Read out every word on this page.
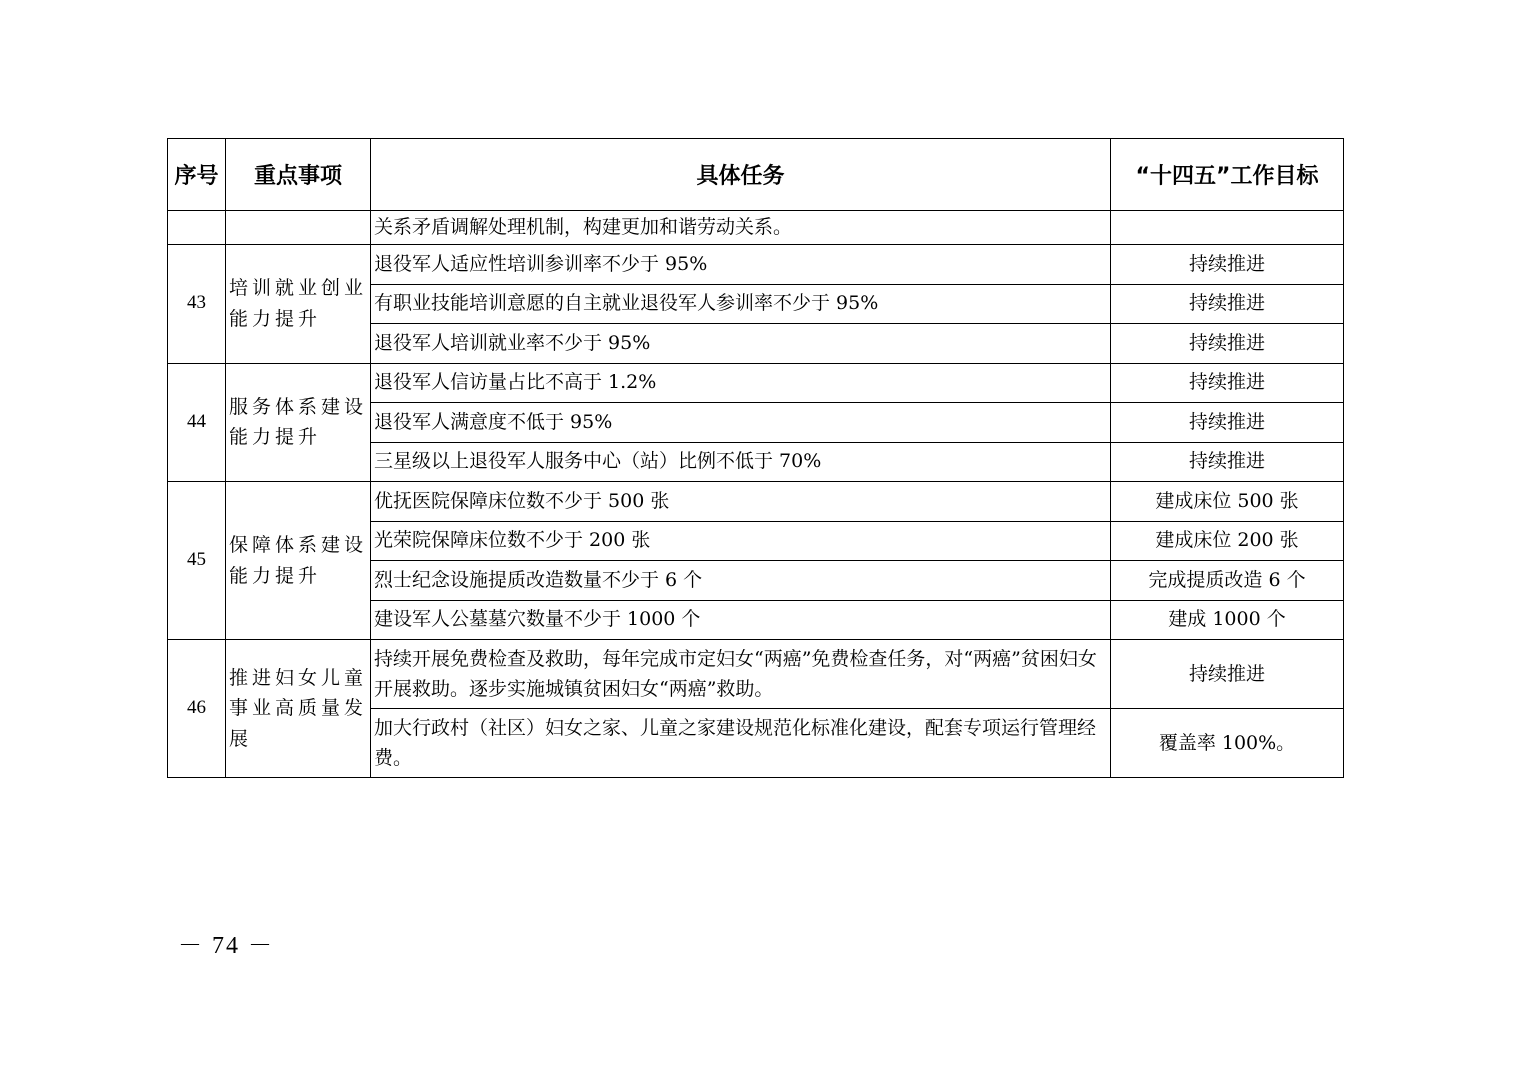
序号	重点事项	具体任务	“十四五”工作目标
		关系矛盾调解处理机制，构建更加和谐劳动关系。	
43	培训就业创业能力提升	退役军人适应性培训参训率不少于 95%	持续推进
		有职业技能培训意愿的自主就业退役军人参训率不少于 95%	持续推进
		退役军人培训就业率不少于 95%	持续推进
44	服务体系建设能力提升	退役军人信访量占比不高于 1.2%	持续推进
		退役军人满意度不低于 95%	持续推进
		三星级以上退役军人服务中心（站）比例不低于 70%	持续推进
45	保障体系建设能力提升	优抚医院保障床位数不少于 500 张	建成床位 500 张
		光荣院保障床位数不少于 200 张	建成床位 200 张
		烈士纪念设施提质改造数量不少于 6 个	完成提质改造 6 个
		建设军人公墓墓穴数量不少于 1000 个	建成 1000 个
46	推进妇女儿童事业高质量发展	持续开展免费检查及救助，每年完成市定妇女“两癌”免费检查任务，对“两癌”贫困妇女开展救助。逐步实施城镇贫困妇女“两癌”救助。	持续推进
		加大行政村（社区）妇女之家、儿童之家建设规范化标准化建设，配套专项运行管理经费。	覆盖率 100%。
－ 74 －
